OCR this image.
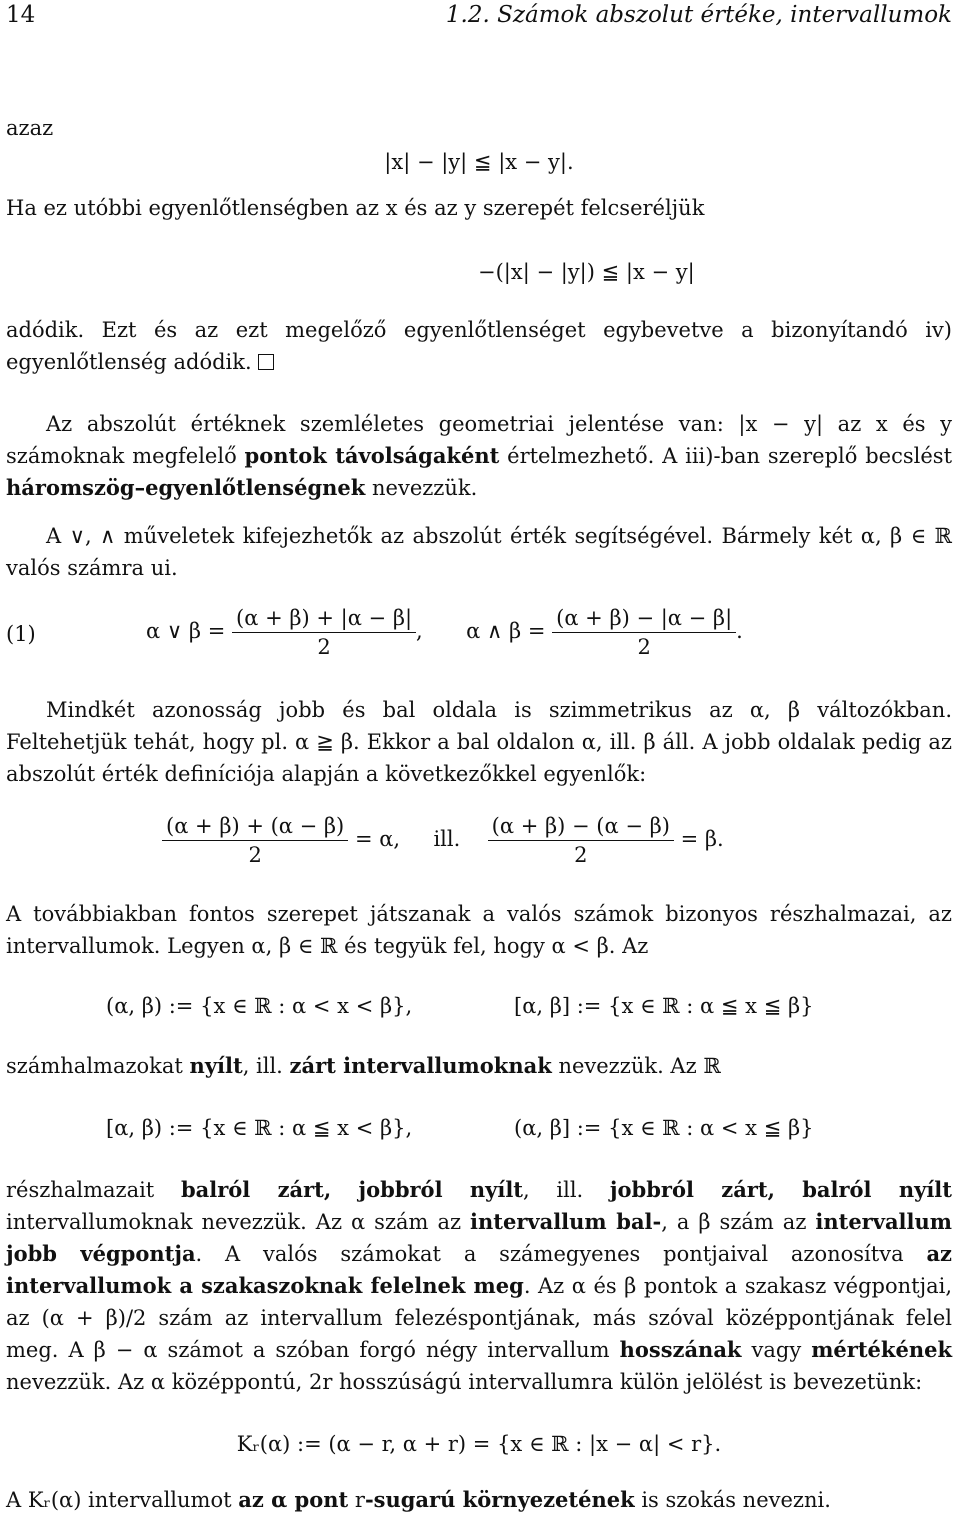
14	1.2. Számok abszolut értéke, intervallumok

azaz

|x| − |y| ≦ |x − y|.

Ha ez utóbbi egyenlőtlenségben az x és az y szerepét felcseréljük

−(|x| − |y|) ≦ |x − y|

adódik. Ezt és az ezt megelőző egyenlőtlenséget egybevetve a bizonyítandó iv) egyenlőtlenség adódik.

Az abszolút értéknek szemléletes geometriai jelentése van: |x − y| az x és y számoknak megfelelő pontok távolságaként értelmezhető. A iii)-ban szereplő becslést háromszög–egyenlőtlenségnek nevezzük.

A ∨, ∧ műveletek kifejezhetők az abszolút érték segítségével. Bármely két α, β ∈ ℝ valós számra ui.

(1)	α ∨ $\beta = \frac{(\alpha + \beta) + |\alpha - \beta|}{2}$ , α ∧ $\beta = \frac{(\alpha + \beta) - |\alpha - \beta|}{2}$ .

Mindkét azonosság jobb és bal oldala is szimmetrikus az α, β változókban. Feltehetjük tehát, hogy pl. α ≧ β. Ekkor a bal oldalon α, ill. β áll. A jobb oldalak pedig az abszolút érték definíciója alapján a következőkkel egyenlők:

$\frac{(\alpha + \beta) + (\alpha - \beta)}{2} = \alpha$, ill. $\frac{(\alpha + \beta) - (\alpha - \beta)}{2} = \beta$.

A továbbiakban fontos szerepet játszanak a valós számok bizonyos részhalmazai, az intervallumok. Legyen α, β ∈ ℝ és tegyük fel, hogy α < β. Az

(α, β) := {x ∈ ℝ : α < x < β},	[α, β] := {x ∈ ℝ : α ≦ x ≦ β}

számhalmazokat nyílt, ill. zárt intervallumoknak nevezzük. Az ℝ

[α, β) := {x ∈ ℝ : α ≦ x < β},	(α, β] := {x ∈ ℝ : α < x ≦ β}

részhalmazait balról zárt, jobbról nyílt, ill. jobbról zárt, balról nyílt intervallumoknak nevezzük. Az α szám az intervallum bal-, a β szám az intervallum jobb végpontja. A valós számokat a számegyenes pontjaival azonosítva az intervallumok a szakaszoknak felelnek meg. Az α és β pontok a szakasz végpontjai, az (α + β)/2 szám az intervallum felezéspontjának, más szóval középpontjának felel meg. A β − α számot a szóban forgó négy intervallum hosszának vagy mértékének nevezzük. Az α középpontú, 2r hosszúságú intervallumra külön jelölést is bevezetünk:

Kᵣ(α) := (α − r, α + r) = {x ∈ ℝ : |x − α| < r}.

A Kᵣ(α) intervallumot az α pont r-sugarú környezetének is szokás nevezni.
